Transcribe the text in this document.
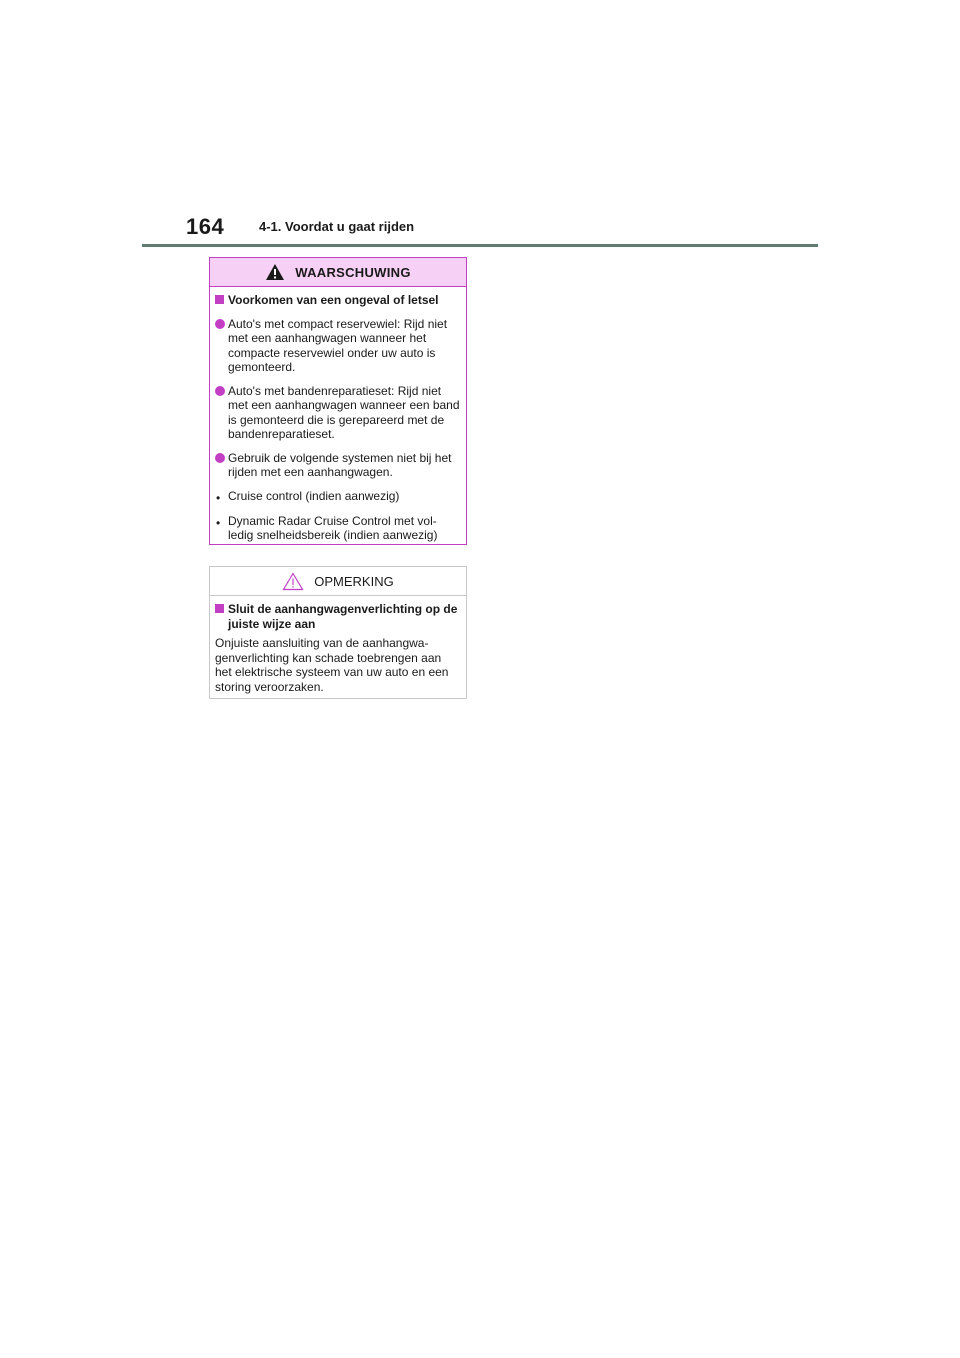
164	4-1. Voordat u gaat rijden
WAARSCHUWING
Voorkomen van een ongeval of letsel
Auto's met compact reservewiel: Rijd niet met een aanhangwagen wanneer het compacte reservewiel onder uw auto is gemonteerd.
Auto's met bandenreparatieset: Rijd niet met een aanhangwagen wanneer een band is gemonteerd die is gerepareerd met de bandenreparatieset.
Gebruik de volgende systemen niet bij het rijden met een aanhangwagen.
• Cruise control (indien aanwezig)
• Dynamic Radar Cruise Control met vol-ledig snelheidsbereik (indien aanwezig)
OPMERKING
Sluit de aanhangwagenverlichting op de juiste wijze aan
Onjuiste aansluiting van de aanhangwa-genverlichting kan schade toebrengen aan het elektrische systeem van uw auto en een storing veroorzaken.
